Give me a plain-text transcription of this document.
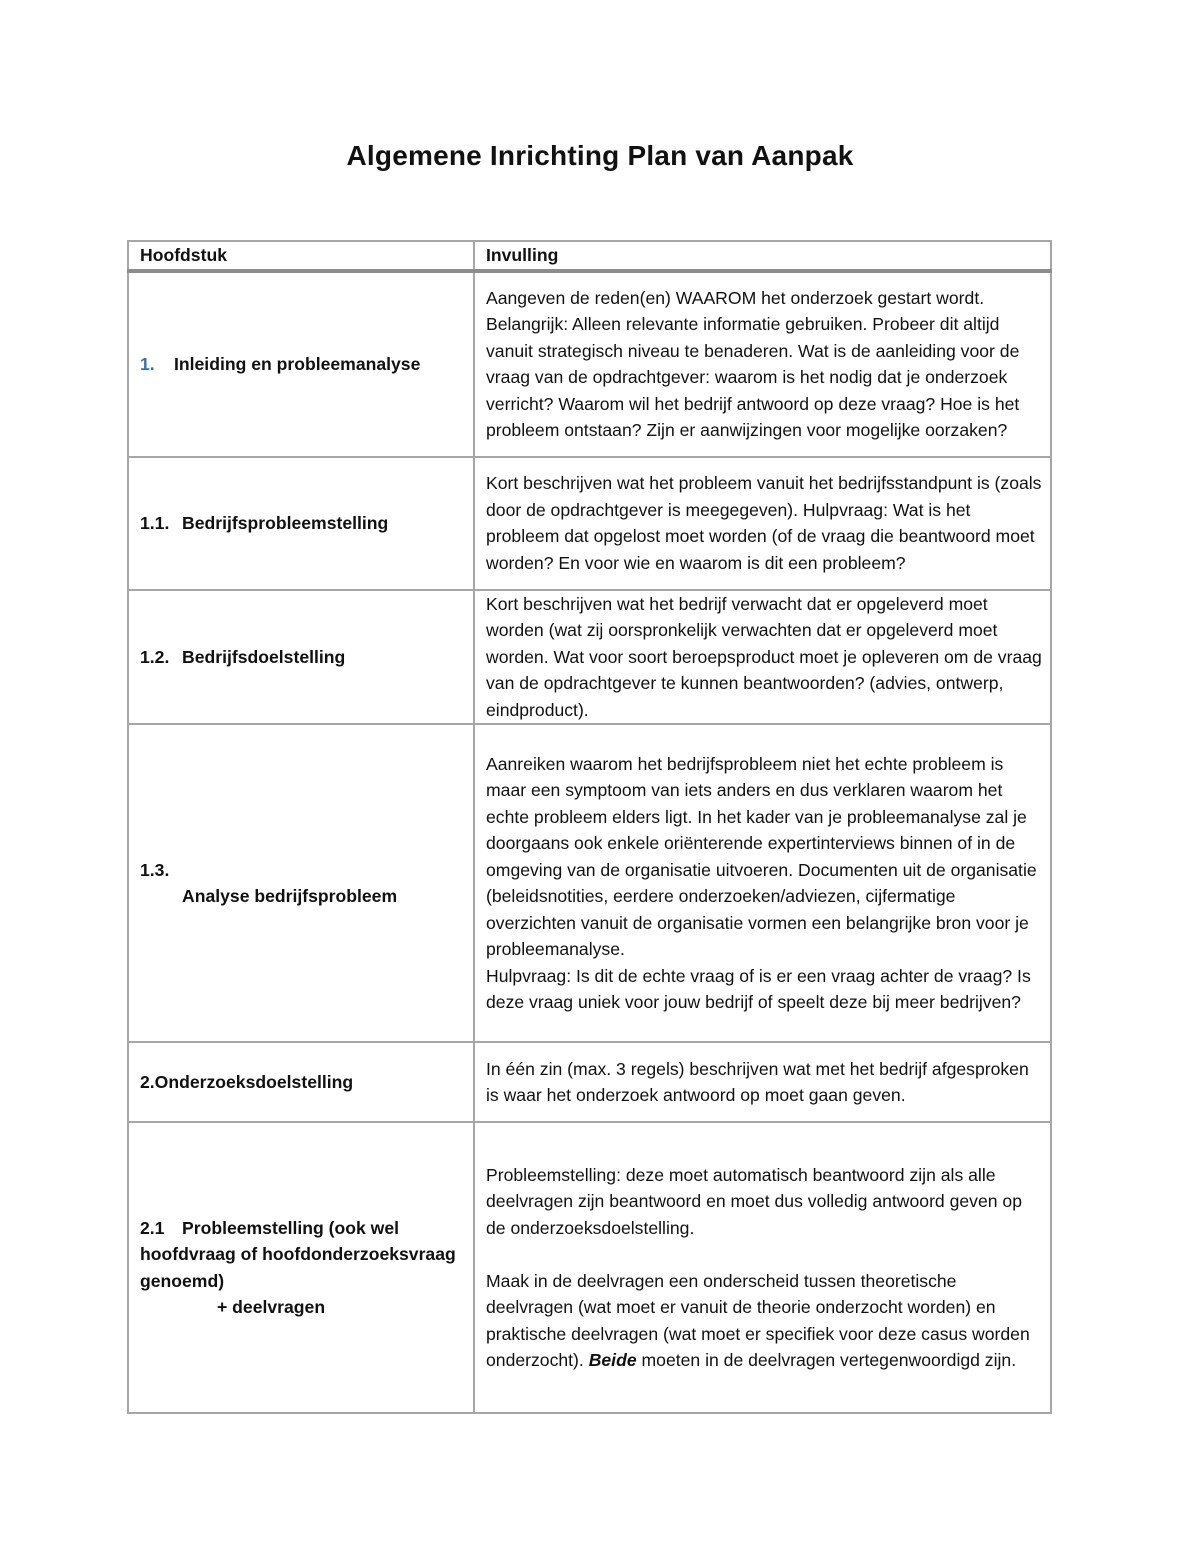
Algemene Inrichting Plan van Aanpak
Hoofdstuk	Invulling
1. Inleiding en probleemanalyse	Aangeven de reden(en) WAAROM het onderzoek gestart wordt. Belangrijk: Alleen relevante informatie gebruiken. Probeer dit altijd vanuit strategisch niveau te benaderen. Wat is de aanleiding voor de vraag van de opdrachtgever: waarom is het nodig dat je onderzoek verricht? Waarom wil het bedrijf antwoord op deze vraag? Hoe is het probleem ontstaan? Zijn er aanwijzingen voor mogelijke oorzaken?
1.1. Bedrijfsprobleemstelling	Kort beschrijven wat het probleem vanuit het bedrijfsstandpunt is (zoals door de opdrachtgever is meegegeven). Hulpvraag: Wat is het probleem dat opgelost moet worden (of de vraag die beantwoord moet worden? En voor wie en waarom is dit een probleem?
1.2. Bedrijfsdoelstelling	Kort beschrijven wat het bedrijf verwacht dat er opgeleverd moet worden (wat zij oorspronkelijk verwachten dat er opgeleverd moet worden. Wat voor soort beroepsproduct moet je opleveren om de vraag van de opdrachtgever te kunnen beantwoorden? (advies, ontwerp, eindproduct).

1.3.
Analyse bedrijfsprobleem	Aanreiken waarom het bedrijfsprobleem niet het echte probleem is maar een symptoom van iets anders en dus verklaren waarom het echte probleem elders ligt. In het kader van je probleemanalyse zal je doorgaans ook enkele oriënterende expertinterviews binnen of in de omgeving van de organisatie uitvoeren. Documenten uit de organisatie (beleidsnotities, eerdere onderzoeken/adviezen, cijfermatige overzichten vanuit de organisatie vormen een belangrijke bron voor je probleemanalyse.
Hulpvraag: Is dit de echte vraag of is er een vraag achter de vraag? Is deze vraag uniek voor jouw bedrijf of speelt deze bij meer bedrijven?

2.Onderzoeksdoelstelling	In één zin (max. 3 regels) beschrijven wat met het bedrijf afgesproken is waar het onderzoek antwoord op moet gaan geven.
2.1 Probleemstelling (ook wel hoofdvraag of hoofdonderzoeksvraag genoemd)
+ deelvragen	Probleemstelling: deze moet automatisch beantwoord zijn als alle deelvragen zijn beantwoord en moet dus volledig antwoord geven op de onderzoeksdoelstelling.
Maak in de deelvragen een onderscheid tussen theoretische deelvragen (wat moet er vanuit de theorie onderzocht worden) en praktische deelvragen (wat moet er specifiek voor deze casus worden onderzocht). Beide moeten in de deelvragen vertegenwoordigd zijn.
